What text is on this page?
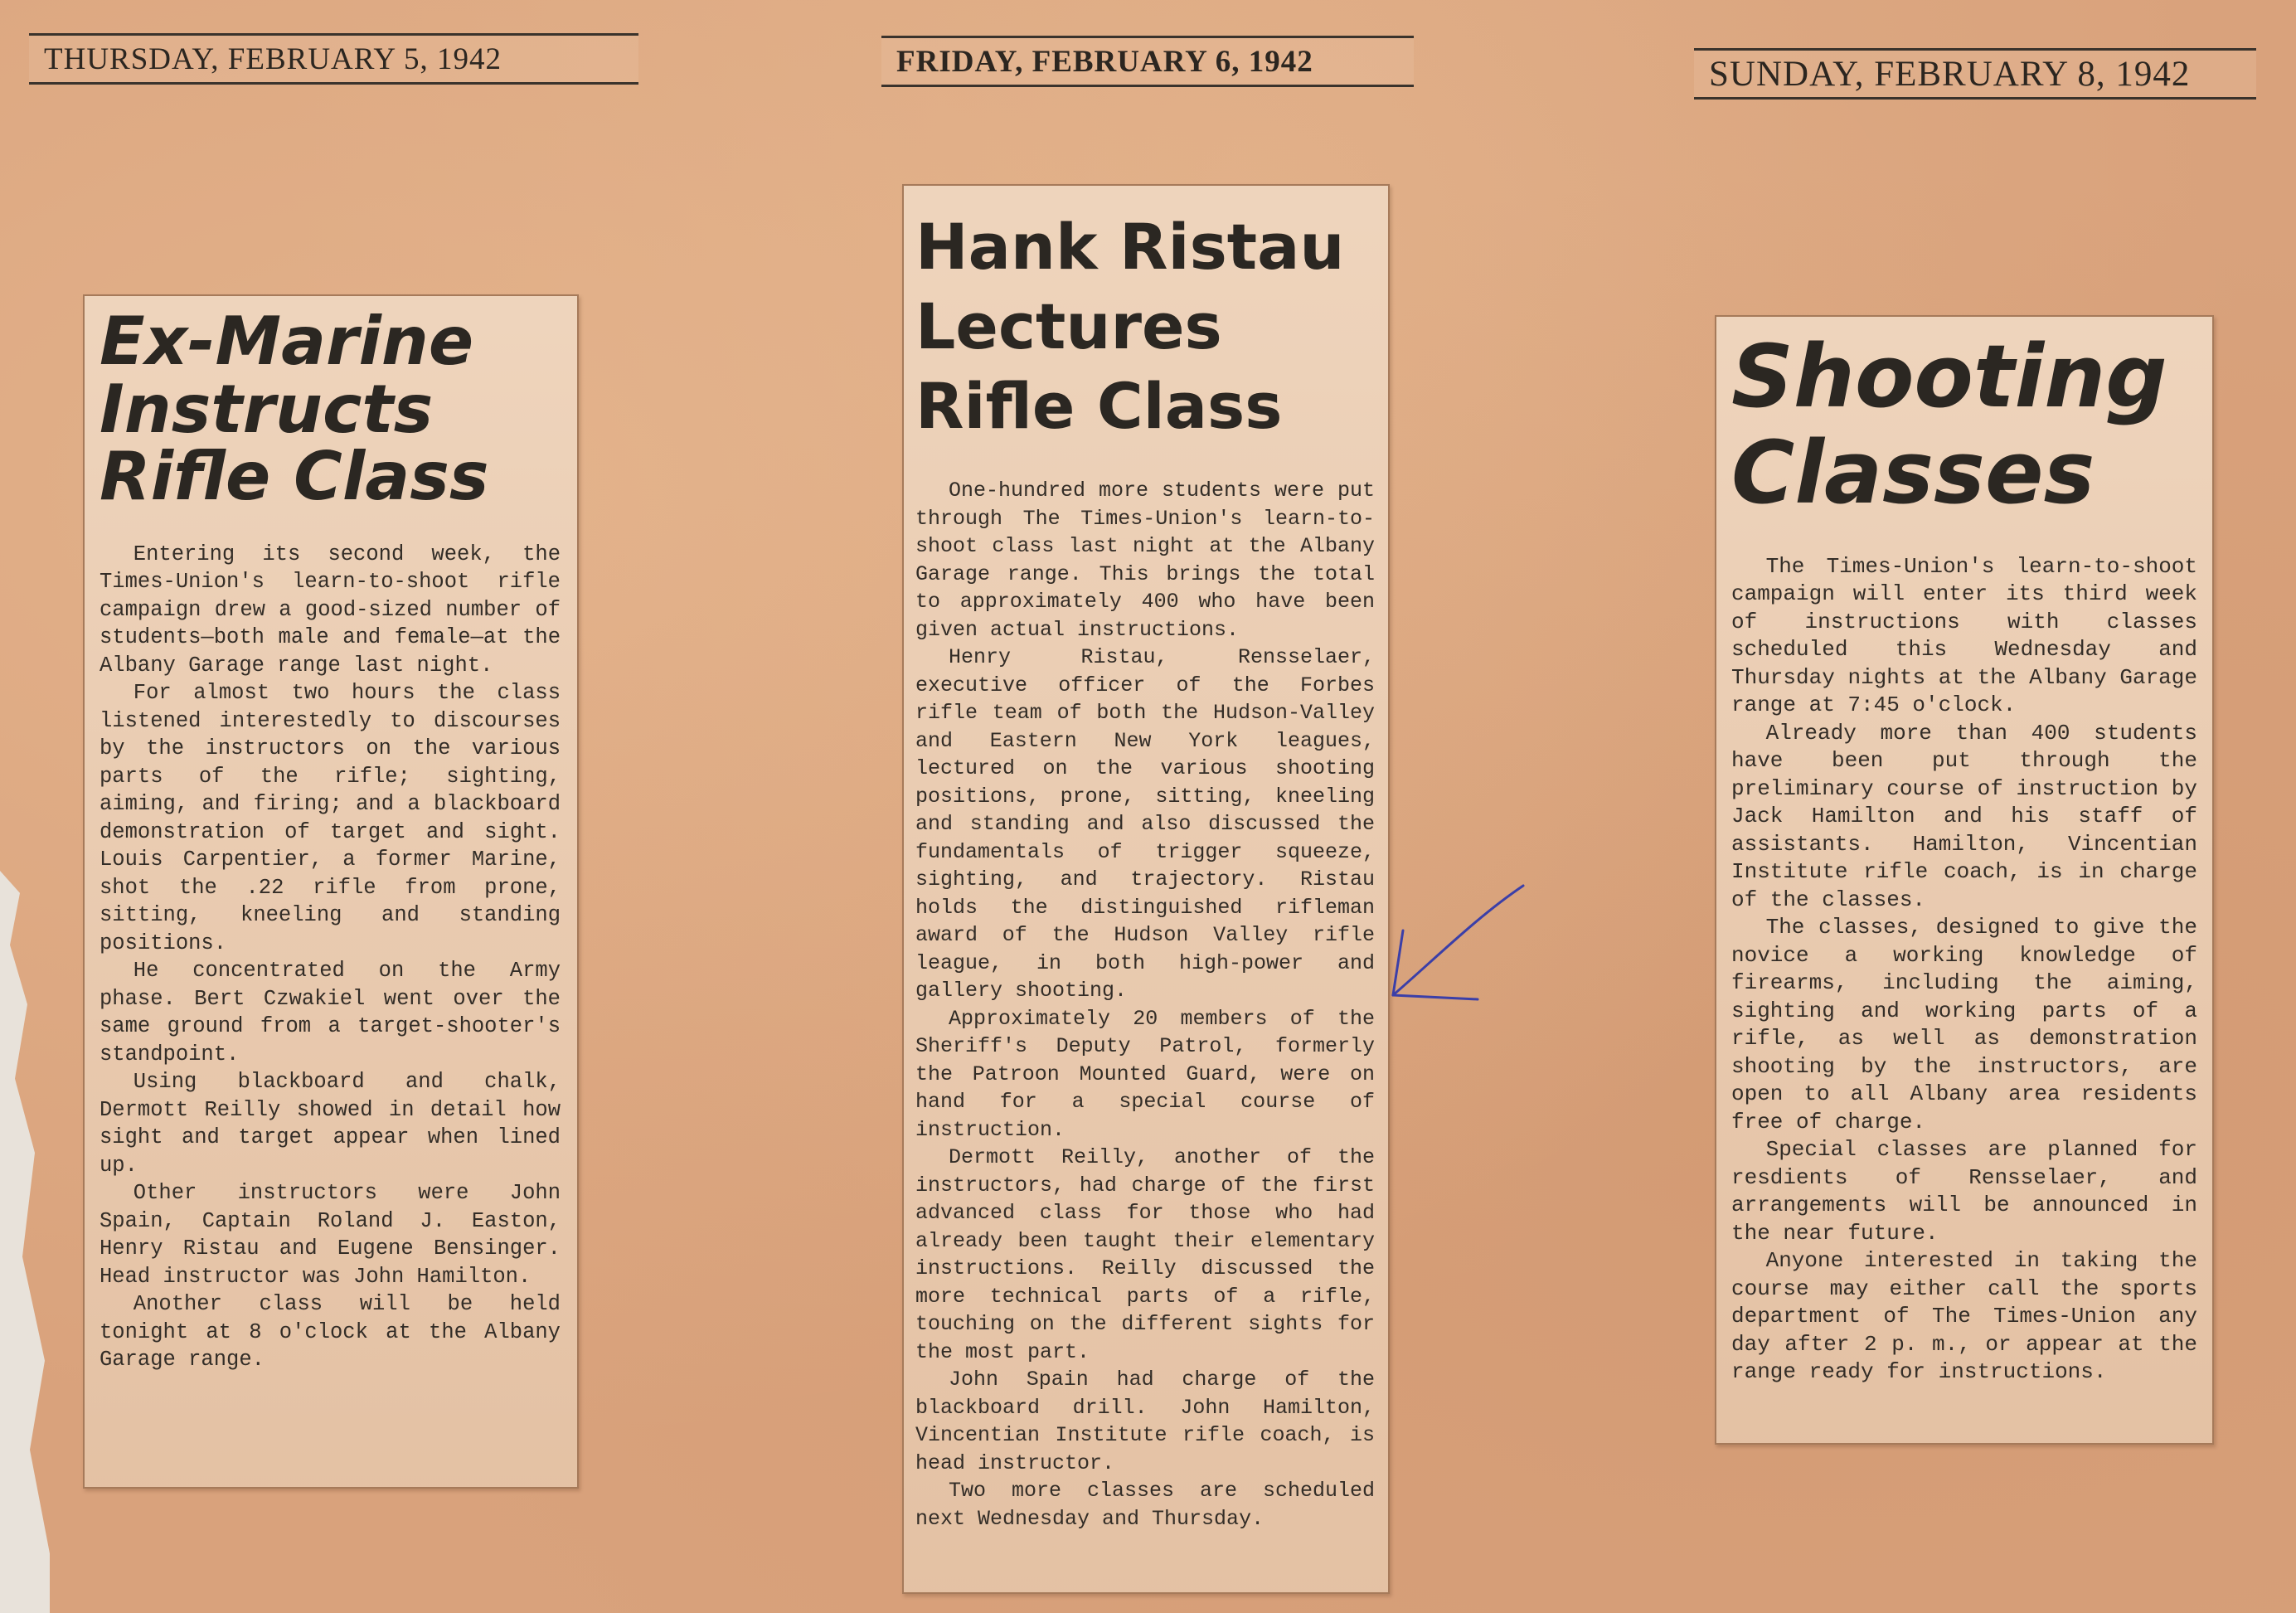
THURSDAY, FEBRUARY 5, 1942	FRIDAY, FEBRUARY 6, 1942	SUNDAY, FEBRUARY 8, 1942
Ex-Marine
Instructs
Rifle Class

Entering its second week, the Times-Union's learn-to-shoot rifle campaign drew a good-sized number of students—both male and female—at the Albany Garage range last night.

For almost two hours the class listened interestedly to discourses by the instructors on the various parts of the rifle; sighting, aiming, and firing; and a blackboard demonstration of target and sight. Louis Carpentier, a former Marine, shot the .22 rifle from prone, sitting, kneeling and standing positions.

He concentrated on the Army phase. Bert Czwakiel went over the same ground from a target-shooter's standpoint.

Using blackboard and chalk, Dermott Reilly showed in detail how sight and target appear when lined up.

Other instructors were John Spain, Captain Roland J. Easton, Henry Ristau and Eugene Bensinger. Head instructor was John Hamilton.

Another class will be held tonight at 8 o'clock at the Albany Garage range.

Hank Ristau
Lectures
Rifle Class

One-hundred more students were put through The Times-Union's learn-to-shoot class last night at the Albany Garage range. This brings the total to approximately 400 who have been given actual instructions.

Henry Ristau, Rensselaer, executive officer of the Forbes rifle team of both the Hudson-Valley and Eastern New York leagues, lectured on the various shooting positions, prone, sitting, kneeling and standing and also discussed the fundamentals of trigger squeeze, sighting, and trajectory. Ristau holds the distinguished rifleman award of the Hudson Valley rifle league, in both high-power and gallery shooting.

Approximately 20 members of the Sheriff's Deputy Patrol, formerly the Patroon Mounted Guard, were on hand for a special course of instruction.

Dermott Reilly, another of the instructors, had charge of the first advanced class for those who had already been taught their elementary instructions. Reilly discussed the more technical parts of a rifle, touching on the different sights for the most part.

John Spain had charge of the blackboard drill. John Hamilton, Vincentian Institute rifle coach, is head instructor.

Two more classes are scheduled next Wednesday and Thursday.

Shooting
Classes

The Times-Union's learn-to-shoot campaign will enter its third week of instructions with classes scheduled this Wednesday and Thursday nights at the Albany Garage range at 7:45 o'clock.

Already more than 400 students have been put through the preliminary course of instruction by Jack Hamilton and his staff of assistants. Hamilton, Vincentian Institute rifle coach, is in charge of the classes.

The classes, designed to give the novice a working knowledge of firearms, including the aiming, sighting and working parts of a rifle, as well as demonstration shooting by the instructors, are open to all Albany area residents free of charge.

Special classes are planned for resdients of Rensselaer, and arrangements will be announced in the near future.

Anyone interested in taking the course may either call the sports department of The Times-Union any day after 2 p. m., or appear at the range ready for instructions.
